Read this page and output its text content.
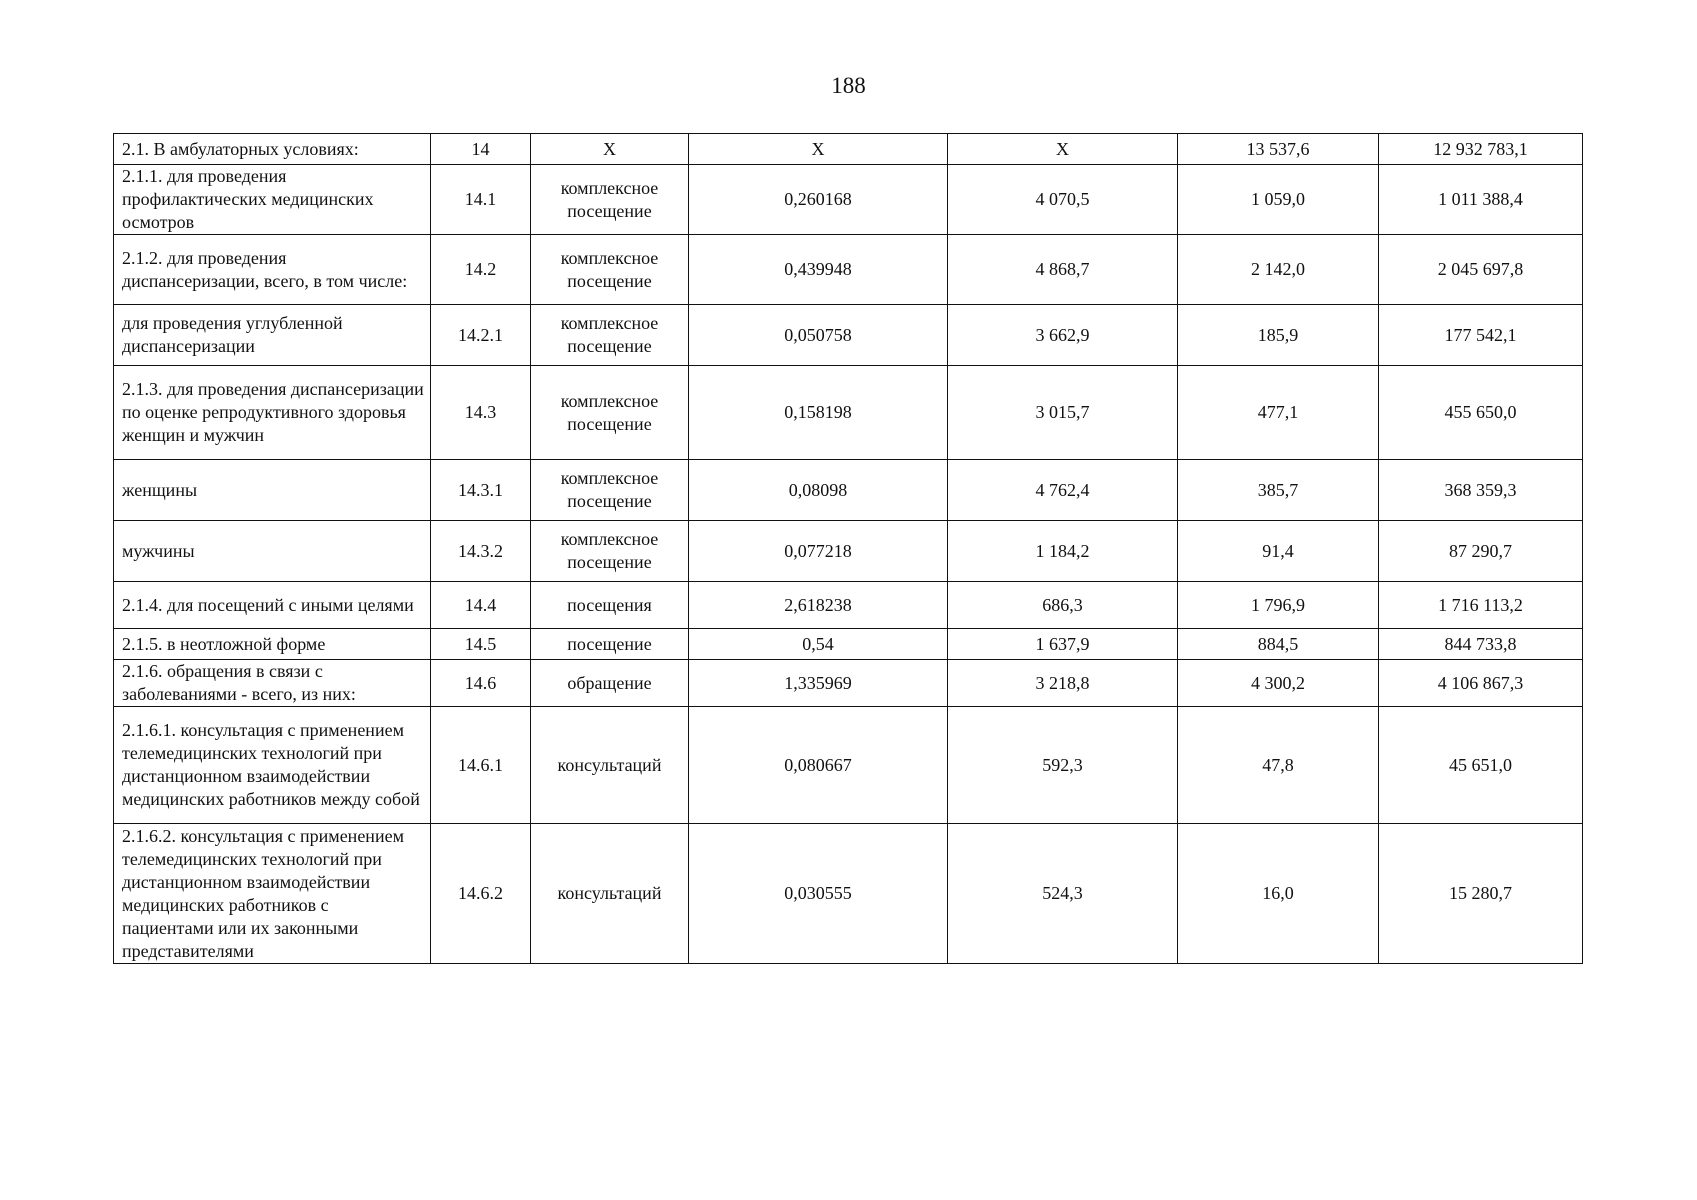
188
2.1. В амбулаторных условиях:	14	Х	Х	Х	13 537,6	12 932 783,1
2.1.1. для проведения профилактических медицинских осмотров	14.1	комплексное посещение	0,260168	4 070,5	1 059,0	1 011 388,4
2.1.2. для проведения диспансеризации, всего, в том числе:	14.2	комплексное посещение	0,439948	4 868,7	2 142,0	2 045 697,8
для проведения углубленной диспансеризации	14.2.1	комплексное посещение	0,050758	3 662,9	185,9	177 542,1
2.1.3. для проведения диспансеризации по оценке репродуктивного здоровья женщин и мужчин	14.3	комплексное посещение	0,158198	3 015,7	477,1	455 650,0
женщины	14.3.1	комплексное посещение	0,08098	4 762,4	385,7	368 359,3
мужчины	14.3.2	комплексное посещение	0,077218	1 184,2	91,4	87 290,7
2.1.4. для посещений с иными целями	14.4	посещения	2,618238	686,3	1 796,9	1 716 113,2
2.1.5. в неотложной форме	14.5	посещение	0,54	1 637,9	884,5	844 733,8
2.1.6. обращения в связи с заболеваниями - всего, из них:	14.6	обращение	1,335969	3 218,8	4 300,2	4 106 867,3
2.1.6.1. консультация с применением телемедицинских технологий при дистанционном взаимодействии медицинских работников между собой	14.6.1	консультаций	0,080667	592,3	47,8	45 651,0
2.1.6.2. консультация с применением телемедицинских технологий при дистанционном взаимодействии медицинских работников с пациентами или их законными представителями	14.6.2	консультаций	0,030555	524,3	16,0	15 280,7
